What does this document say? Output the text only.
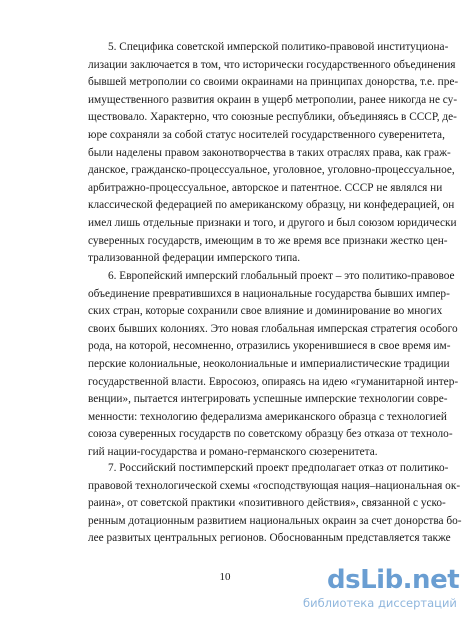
5. Специфика советской имперской политико-правовой институциона-
лизации заключается в том, что исторически государственного объединения
бывшей метрополии со своими окраинами на принципах донорства, т.е. пре-
имущественного развития окраин в ущерб метрополии, ранее никогда не су-
ществовало. Характерно, что союзные республики, объединяясь в СССР, де-
юре сохраняли за собой статус носителей государственного суверенитета,
были наделены правом законотворчества в таких отраслях права, как граж-
данское, гражданско-процессуальное, уголовное, уголовно-процессуальное,
арбитражно-процессуальное, авторское и патентное. СССР не являлся ни
классической федерацией по американскому образцу, ни конфедерацией, он
имел лишь отдельные признаки и того, и другого и был союзом юридически
суверенных государств, имеющим в то же время все признаки жестко цен-
трализованной федерации имперского типа.
6. Европейский имперский глобальный проект – это политико-правовое
объединение превратившихся в национальные государства бывших импер-
ских стран, которые сохранили свое влияние и доминирование во многих
своих бывших колониях. Это новая глобальная имперская стратегия особого
рода, на которой, несомненно, отразились укоренившиеся в свое время им-
перские колониальные, неоколониальные и империалистические традиции
государственной власти. Евросоюз, опираясь на идею «гуманитарной интер-
венции», пытается интегрировать успешные имперские технологии совре-
менности: технологию федерализма американского образца с технологией
союза суверенных государств по советскому образцу без отказа от техноло-
гий нации-государства и романо-германского сюзеренитета.
7. Российский постимперский проект предполагает отказ от политико-
правовой технологической схемы «господствующая нация–национальная ок-
раина», от советской практики «позитивного действия», связанной с уско-
ренным дотационным развитием национальных окраин за счет донорства бо-
лее развитых центральных регионов. Обоснованным представляется также
10	dsLib.net
библиотека диссертаций
